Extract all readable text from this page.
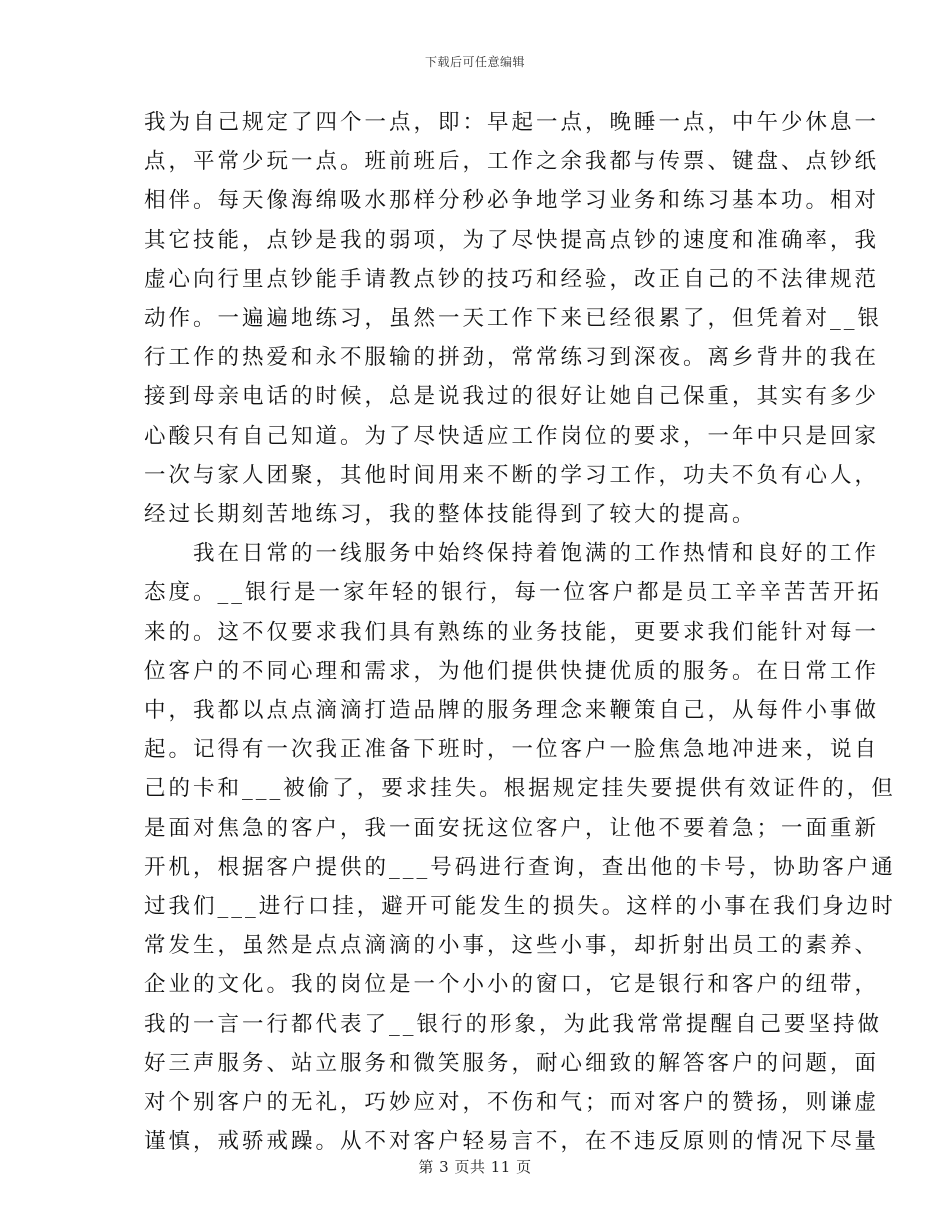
下载后可任意编辑
我为自己规定了四个一点，即：早起一点，晚睡一点，中午少休息一
点，平常少玩一点。班前班后，工作之余我都与传票、键盘、点钞纸
相伴。每天像海绵吸水那样分秒必争地学习业务和练习基本功。相对
其它技能，点钞是我的弱项，为了尽快提高点钞的速度和准确率，我
虚心向行里点钞能手请教点钞的技巧和经验，改正自己的不法律规范
动作。一遍遍地练习，虽然一天工作下来已经很累了，但凭着对__银
行工作的热爱和永不服输的拼劲，常常练习到深夜。离乡背井的我在
接到母亲电话的时候，总是说我过的很好让她自己保重，其实有多少
心酸只有自己知道。为了尽快适应工作岗位的要求，一年中只是回家
一次与家人团聚，其他时间用来不断的学习工作，功夫不负有心人，
经过长期刻苦地练习，我的整体技能得到了较大的提高。
　　我在日常的一线服务中始终保持着饱满的工作热情和良好的工作
态度。__银行是一家年轻的银行，每一位客户都是员工辛辛苦苦开拓
来的。这不仅要求我们具有熟练的业务技能，更要求我们能针对每一
位客户的不同心理和需求，为他们提供快捷优质的服务。在日常工作
中，我都以点点滴滴打造品牌的服务理念来鞭策自己，从每件小事做
起。记得有一次我正准备下班时，一位客户一脸焦急地冲进来，说自
己的卡和___被偷了，要求挂失。根据规定挂失要提供有效证件的，但
是面对焦急的客户，我一面安抚这位客户，让他不要着急；一面重新
开机，根据客户提供的___号码进行查询，查出他的卡号，协助客户通
过我们___进行口挂，避开可能发生的损失。这样的小事在我们身边时
常发生，虽然是点点滴滴的小事，这些小事，却折射出员工的素养、
企业的文化。我的岗位是一个小小的窗口，它是银行和客户的纽带，
我的一言一行都代表了__银行的形象，为此我常常提醒自己要坚持做
好三声服务、站立服务和微笑服务，耐心细致的解答客户的问题，面
对个别客户的无礼，巧妙应对，不伤和气；而对客户的赞扬，则谦虚
谨慎，戒骄戒躁。从不对客户轻易言不，在不违反原则的情况下尽量
第 3 页共 11 页
